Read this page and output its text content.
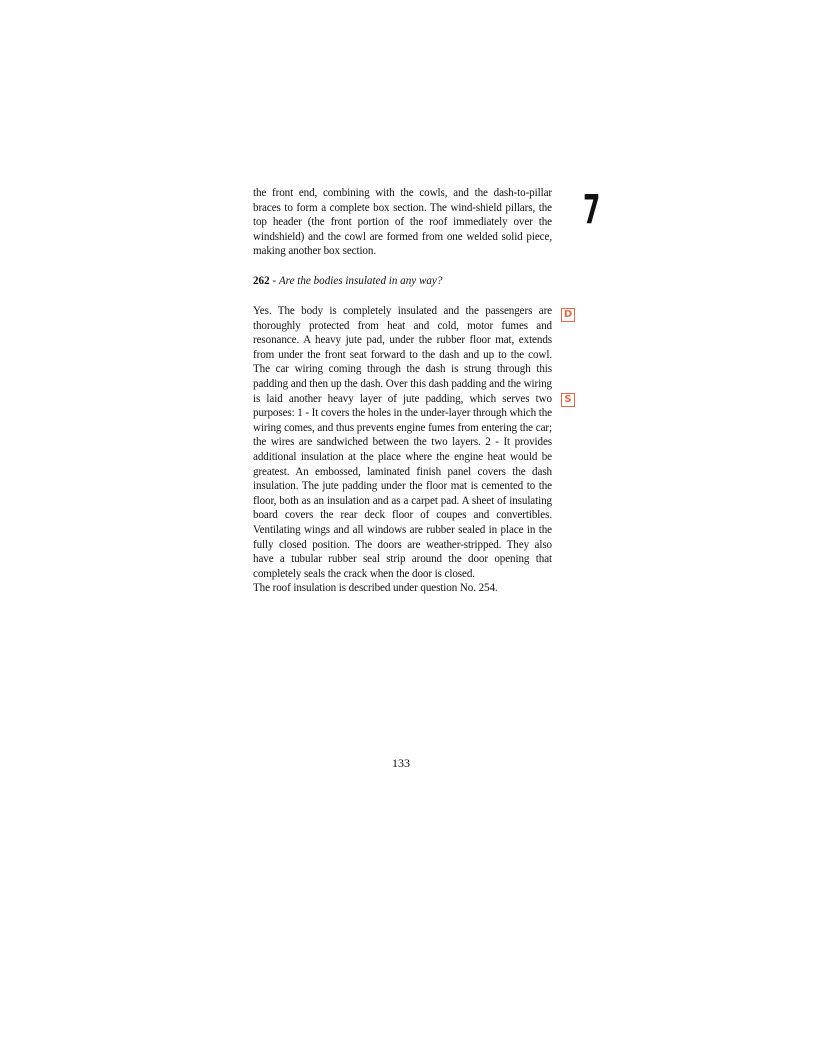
7

the front end, combining with the cowls, and the dash-to-pillar braces to form a complete box section. The wind-shield pillars, the top header (the front portion of the roof immediately over the windshield) and the cowl are formed from one welded solid piece, making another box section.

262 - Are the bodies insulated in any way?
Yes. The body is completely insulated and the passengers are thoroughly protected from heat and cold, motor fumes and resonance. A heavy jute pad, under the rubber floor mat, extends from under the front seat forward to the dash and up to the cowl. The car wiring coming through the dash is strung through this padding and then up the dash. Over this dash padding and the wiring is laid another heavy layer of jute padding, which serves two purposes: 1 - It covers the holes in the under-layer through which the wiring comes, and thus prevents engine fumes from entering the car; the wires are sandwiched between the two layers. 2 - It provides additional insulation at the place where the engine heat would be greatest. An embossed, laminated finish panel covers the dash insulation. The jute padding under the floor mat is cemented to the floor, both as an insulation and as a carpet pad. A sheet of insulating board covers the rear deck floor of coupes and convertibles. Ventilating wings and all windows are rubber sealed in place in the fully closed position. The doors are weather-stripped. They also have a tubular rubber seal strip around the door opening that completely seals the crack when the door is closed.

The roof insulation is described under question No. 254.
D
S
133
